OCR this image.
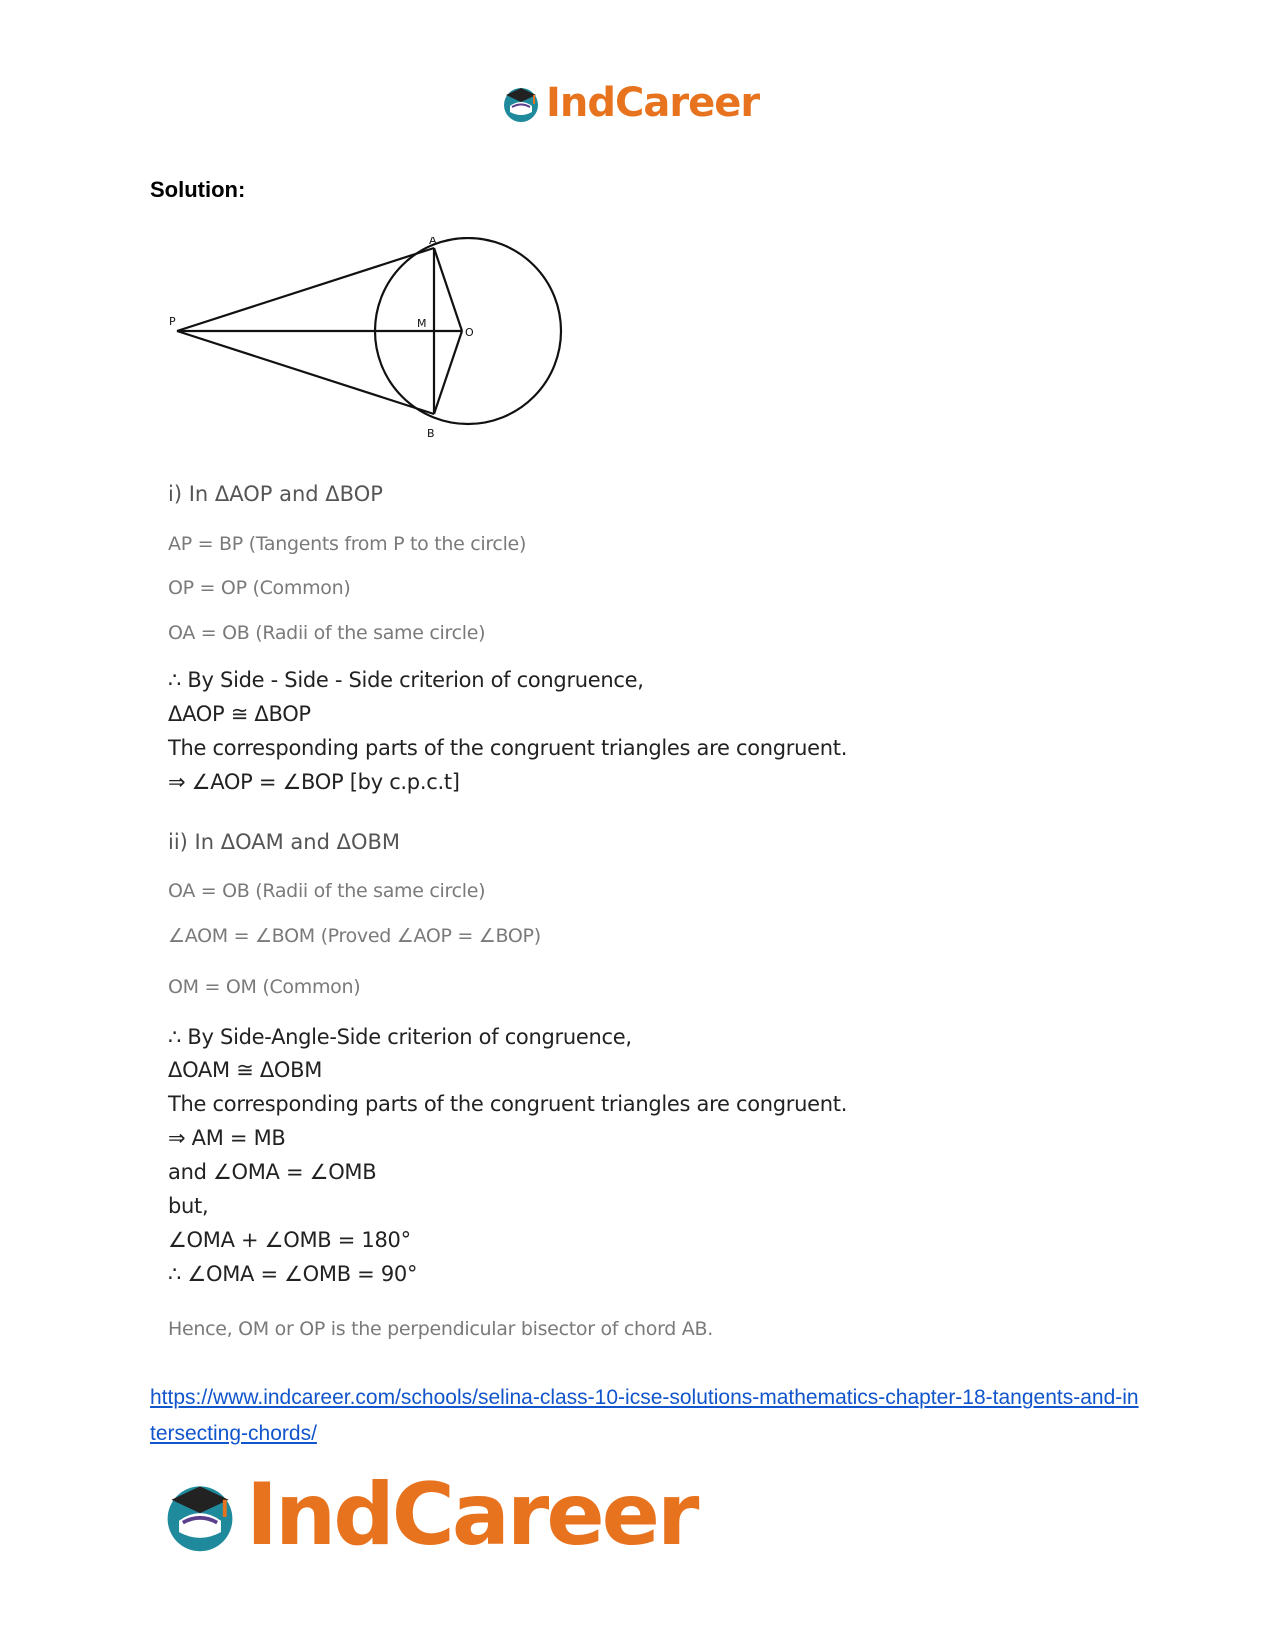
IndCareer
Solution:
A
B
P	M
O
i) In ΔAOP and ΔBOP
AP = BP (Tangents from P to the circle)
OP = OP (Common)
OA = OB (Radii of the same circle)
∴ By Side - Side - Side criterion of congruence,
ΔAOP ≅ ΔBOP
The corresponding parts of the congruent triangles are congruent.
⇒ ∠AOP = ∠BOP [by c.p.c.t]
ii) In ΔOAM and ΔOBM
OA = OB (Radii of the same circle)
∠AOM = ∠BOM (Proved ∠AOP = ∠BOP)
OM = OM (Common)
∴ By Side-Angle-Side criterion of congruence,
ΔOAM ≅ ΔOBM
The corresponding parts of the congruent triangles are congruent.
⇒ AM = MB
and ∠OMA = ∠OMB
but,
∠OMA + ∠OMB = 180°
∴ ∠OMA = ∠OMB = 90°
Hence, OM or OP is the perpendicular bisector of chord AB.
https://www.indcareer.com/schools/selina-class-10-icse-solutions-mathematics-chapter-18-tangents-and-intersecting-chords/
IndCareer
